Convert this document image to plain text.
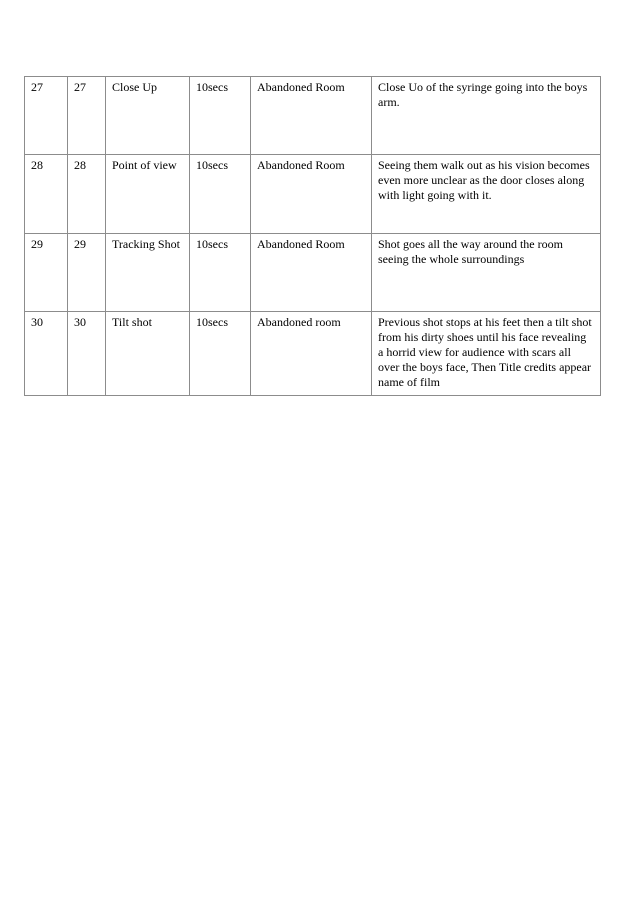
27	27	Close Up	10secs	Abandoned Room	Close Uo of the syringe going into the boys arm.
28	28	Point of view	10secs	Abandoned Room	Seeing them walk out as his vision becomes even more unclear as the door closes along with light going with it.
29	29	Tracking Shot	10secs	Abandoned Room	Shot goes all the way around the room seeing the whole surroundings
30	30	Tilt shot	10secs	Abandoned room	Previous shot stops at his feet then a tilt shot from his dirty shoes until his face revealing a horrid view for audience with scars all over the boys face, Then Title credits appear name of film
